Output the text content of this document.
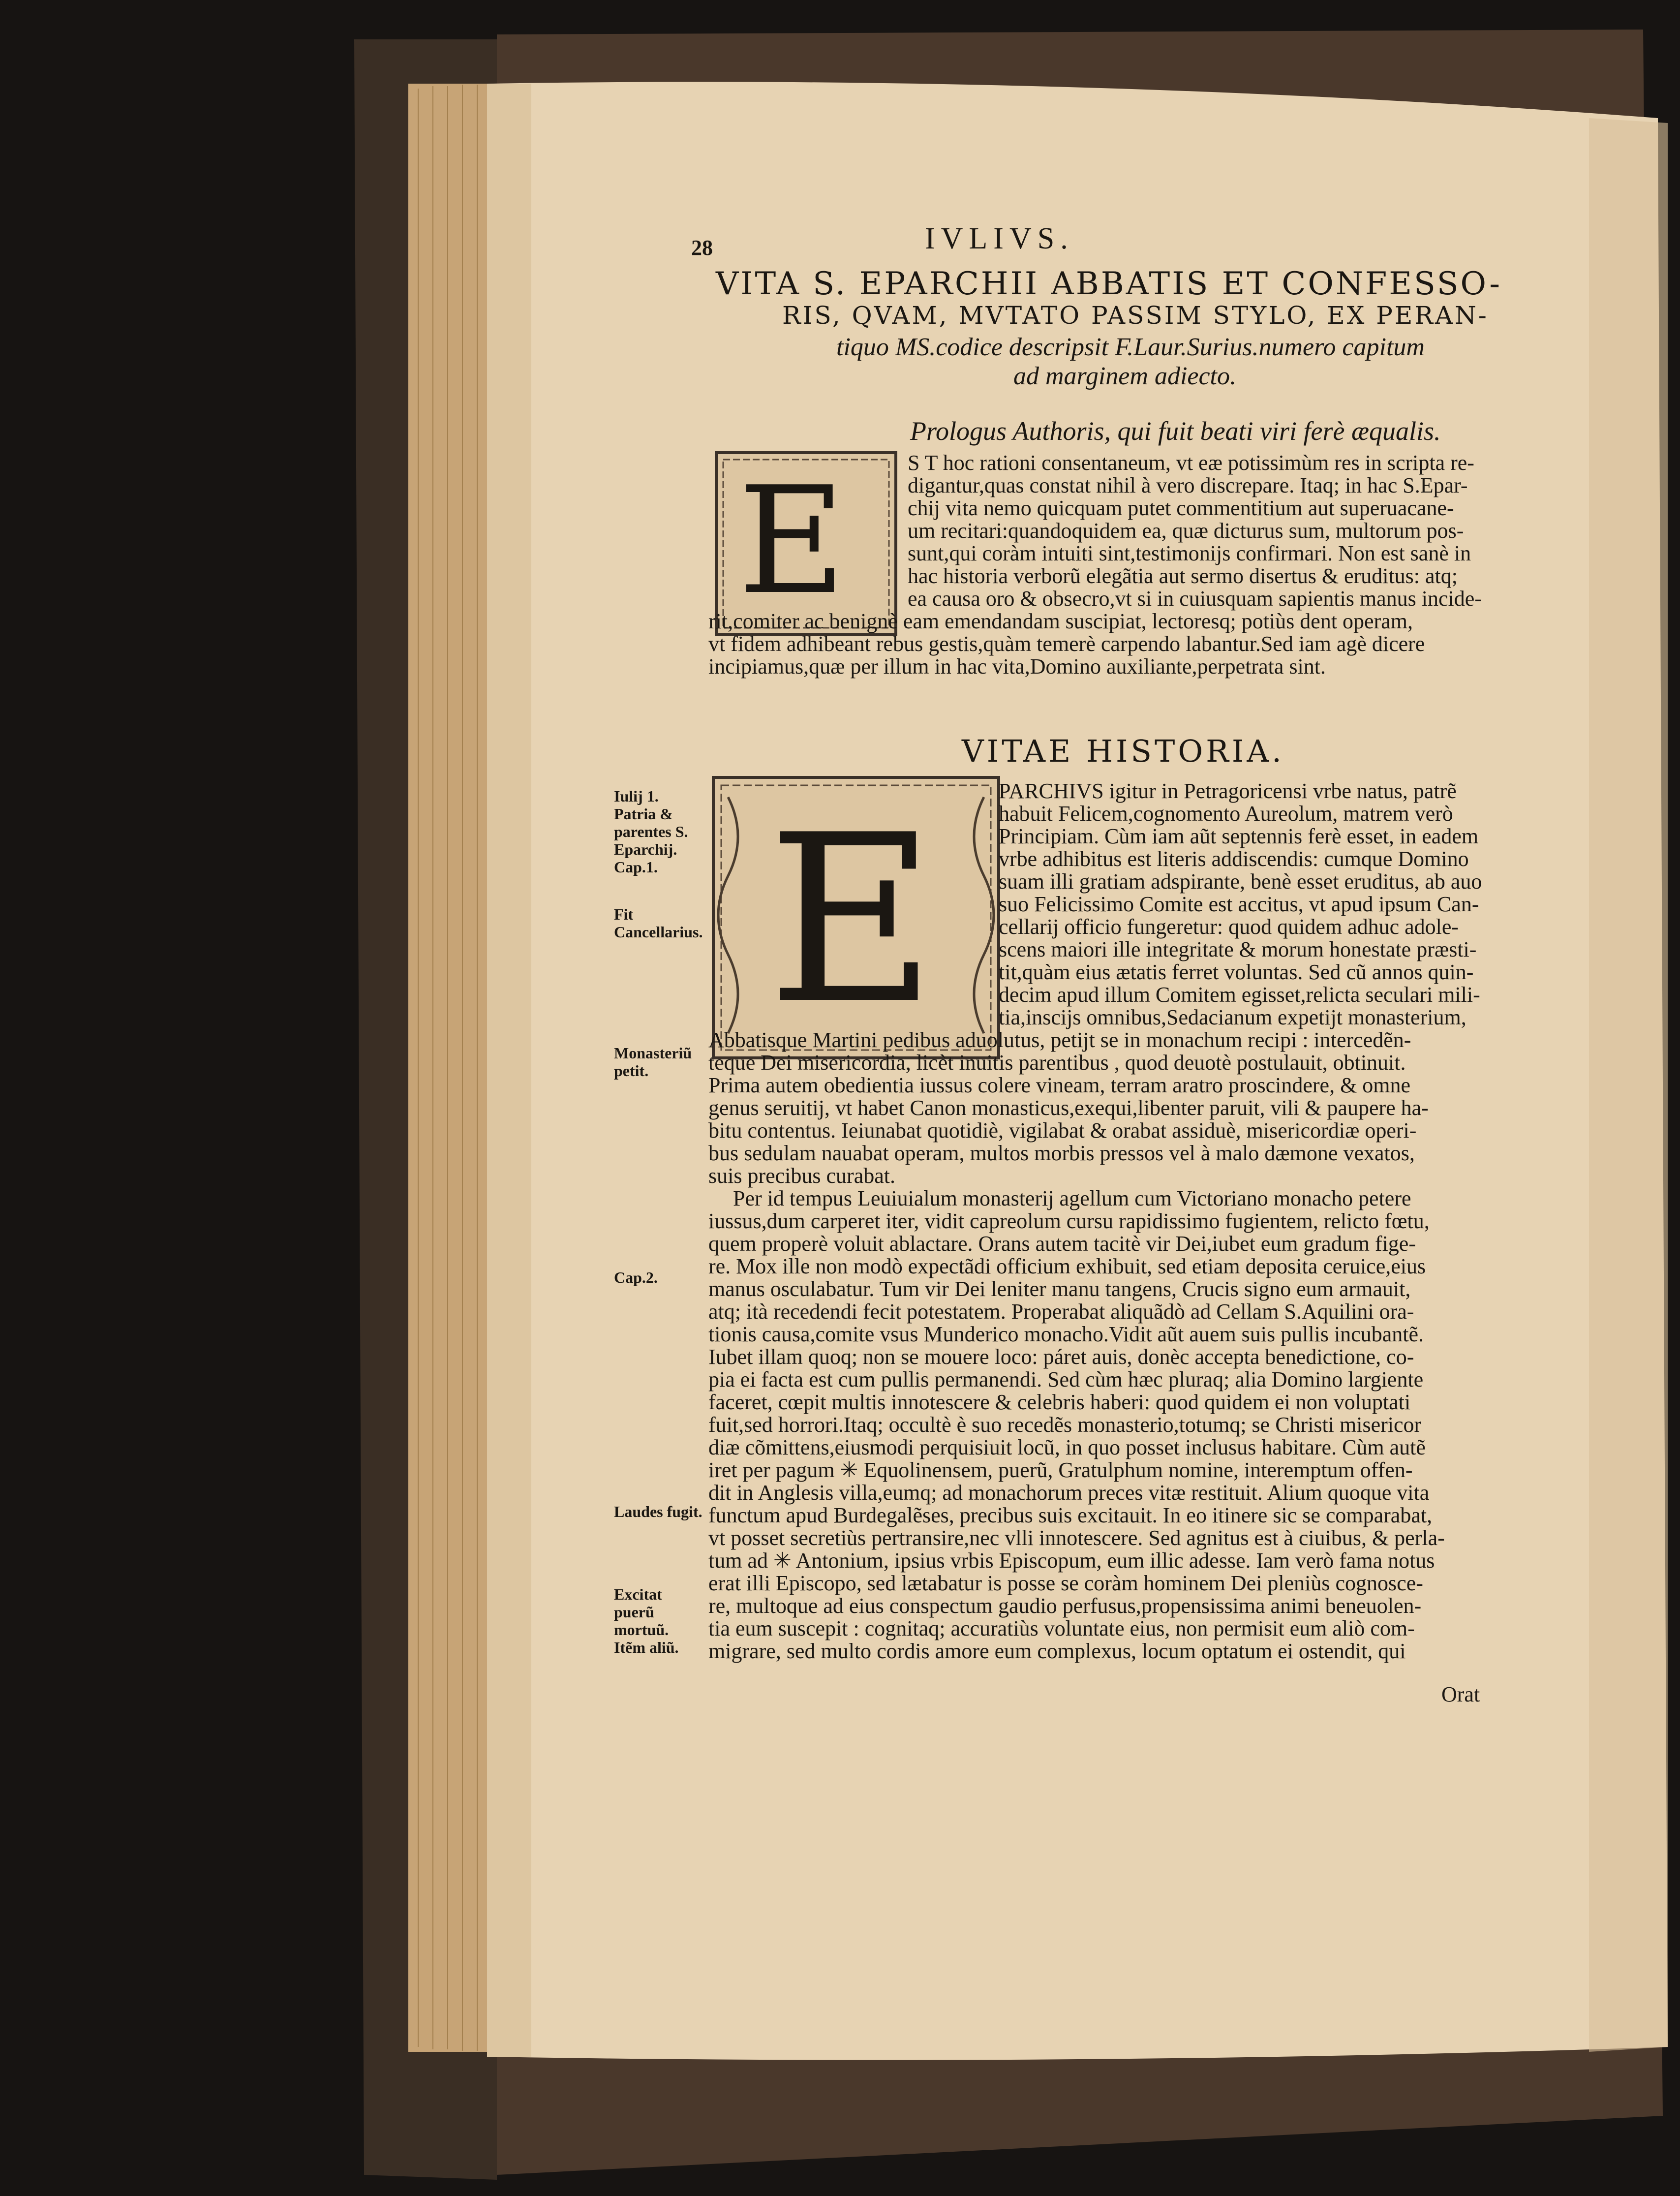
28	IVLIVS.
VITA S. EPARCHII ABBATIS ET CONFESSO-
RIS, QVAM, MVTATO PASSIM STYLO, EX PERAN-
tiquo MS.codice descripsit F.Laur.Surius.numero capitum
ad marginem adiecto.
Prologus Authoris, qui fuit beati viri ferè æqualis.
E	S T hoc rationi consentaneum, vt eæ potissimùm res in scripta re-
digantur,quas constat nihil à vero discrepare. Itaq; in hac S.Epar-
chij vita nemo quicquam putet commentitium aut superuacane-
um recitari:quandoquidem ea, quæ dicturus sum, multorum pos-
sunt,qui coràm intuiti sint,testimonijs confirmari. Non est sanè in
hac historia verborũ elegãtia aut sermo disertus & eruditus: atq;
ea causa oro & obsecro,vt si in cuiusquam sapientis manus incide-
rit,comiter ac benignè eam emendandam suscipiat, lectoresq; potiùs dent operam,
vt fidem adhibeant rebus gestis,quàm temerè carpendo labantur.Sed iam agè dicere
incipiamus,quæ per illum in hac vita,Domino auxiliante,perpetrata sint.
VITAE HISTORIA.
E	PARCHIVS igitur in Petragoricensi vrbe natus, patrẽ
habuit Felicem,cognomento Aureolum, matrem verò
Principiam. Cùm iam aũt septennis ferè esset, in eadem
vrbe adhibitus est literis addiscendis: cumque Domino
suam illi gratiam adspirante, benè esset eruditus, ab auo
suo Felicissimo Comite est accitus, vt apud ipsum Can-
cellarij officio fungeretur: quod quidem adhuc adole-
scens maiori ille integritate & morum honestate præsti-
tit,quàm eius ætatis ferret voluntas. Sed cũ annos quin-
decim apud illum Comitem egisset,relicta seculari mili-
tia,inscijs omnibus,Sedacianum expetijt monasterium,
Abbatisque Martini pedibus aduolutus, petijt se in monachum recipi : intercedẽn-
teque Dei misericordia, licèt inuitis parentibus , quod deuotè postulauit, obtinuit.
Prima autem obedientia iussus colere vineam, terram aratro proscindere, & omne
genus seruitij, vt habet Canon monasticus,exequi,libenter paruit, vili & paupere ha-
bitu contentus. Ieiunabat quotidiè, vigilabat & orabat assiduè, misericordiæ operi-
bus sedulam nauabat operam, multos morbis pressos vel à malo dæmone vexatos,
suis precibus curabat.
Per id tempus Leuiuialum monasterij agellum cum Victoriano monacho petere
iussus,dum carperet iter, vidit capreolum cursu rapidissimo fugientem, relicto fœtu,
quem properè voluit ablactare. Orans autem tacitè vir Dei,iubet eum gradum fige-
re. Mox ille non modò expectãdi officium exhibuit, sed etiam deposita ceruice,eius
manus osculabatur. Tum vir Dei leniter manu tangens, Crucis signo eum armauit,
atq; ità recedendi fecit potestatem. Properabat aliquãdò ad Cellam S.Aquilini ora-
tionis causa,comite vsus Munderico monacho.Vidit aũt auem suis pullis incubantẽ.
Iubet illam quoq; non se mouere loco: páret auis, donèc accepta benedictione, co-
pia ei facta est cum pullis permanendi. Sed cùm hæc pluraq; alia Domino largiente
faceret, cœpit multis innotescere & celebris haberi: quod quidem ei non voluptati
fuit,sed horrori.Itaq; occultè è suo recedẽs monasterio,totumq; se Christi misericor
diæ cõmittens,eiusmodi perquisiuit locũ, in quo posset inclusus habitare. Cùm autẽ
iret per pagum ✳ Equolinensem, puerũ, Gratulphum nomine, interemptum offen-
dit in Anglesis villa,eumq; ad monachorum preces vitæ restituit. Alium quoque vita
functum apud Burdegalẽses, precibus suis excitauit. In eo itinere sic se comparabat,
vt posset secretiùs pertransire,nec vlli innotescere. Sed agnitus est à ciuibus, & perla-
tum ad ✳ Antonium, ipsius vrbis Episcopum, eum illic adesse. Iam verò fama notus
erat illi Episcopo, sed lætabatur is posse se coràm hominem Dei pleniùs cognosce-
re, multoque ad eius conspectum gaudio perfusus,propensissima animi beneuolen-
tia eum suscepit : cognitaq; accuratiùs voluntate eius, non permisit eum aliò com-
migrare, sed multo cordis amore eum complexus, locum optatum ei ostendit, qui
Orat
Iulij 1. Patria & parentes S. Eparchij. Cap.1.
Fit Cancellarius.
Monasteriũ petit.
Cap.2.
Laudes fugit.
Excitat puerũ mortuũ.
Itẽm aliũ.
